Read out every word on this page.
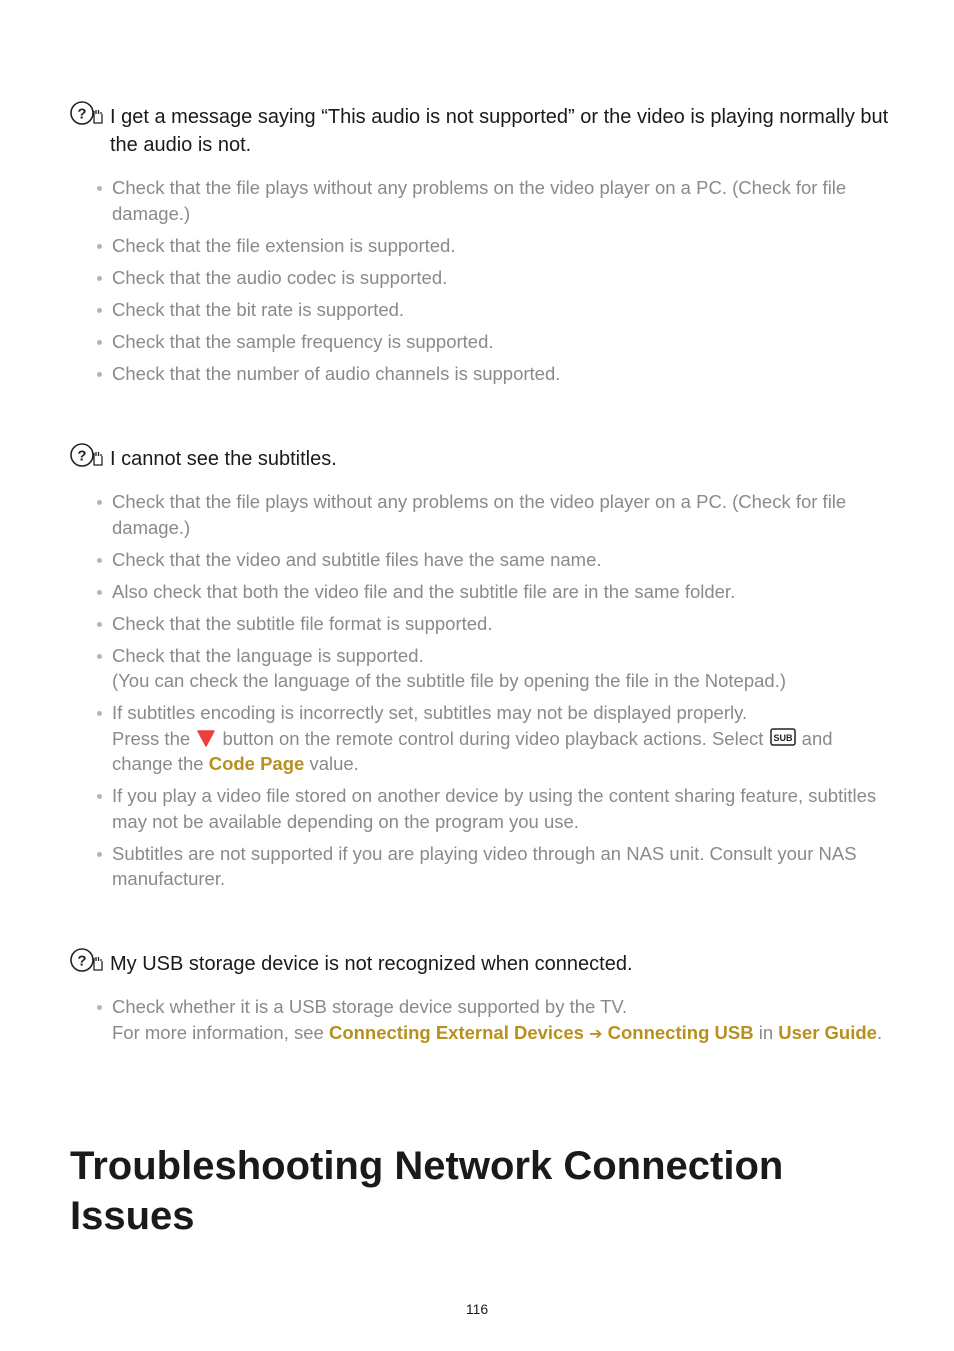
? I get a message saying “This audio is not supported” or the video is playing normally but the audio is not.
Check that the file plays without any problems on the video player on a PC. (Check for file damage.)
Check that the file extension is supported.
Check that the audio codec is supported.
Check that the bit rate is supported.
Check that the sample frequency is supported.
Check that the number of audio channels is supported.
? I cannot see the subtitles.
Check that the file plays without any problems on the video player on a PC. (Check for file damage.)
Check that the video and subtitle files have the same name.
Also check that both the video file and the subtitle file are in the same folder.
Check that the subtitle file format is supported.
Check that the language is supported.
(You can check the language of the subtitle file by opening the file in the Notepad.)
If subtitles encoding is incorrectly set, subtitles may not be displayed properly.
Press the button on the remote control during video playback actions. Select SUB and change the Code Page value.
If you play a video file stored on another device by using the content sharing feature, subtitles may not be available depending on the program you use.
Subtitles are not supported if you are playing video through an NAS unit. Consult your NAS manufacturer.
? My USB storage device is not recognized when connected.
Check whether it is a USB storage device supported by the TV.
For more information, see Connecting External Devices ➔ Connecting USB in User Guide.
Troubleshooting Network Connection Issues
116
